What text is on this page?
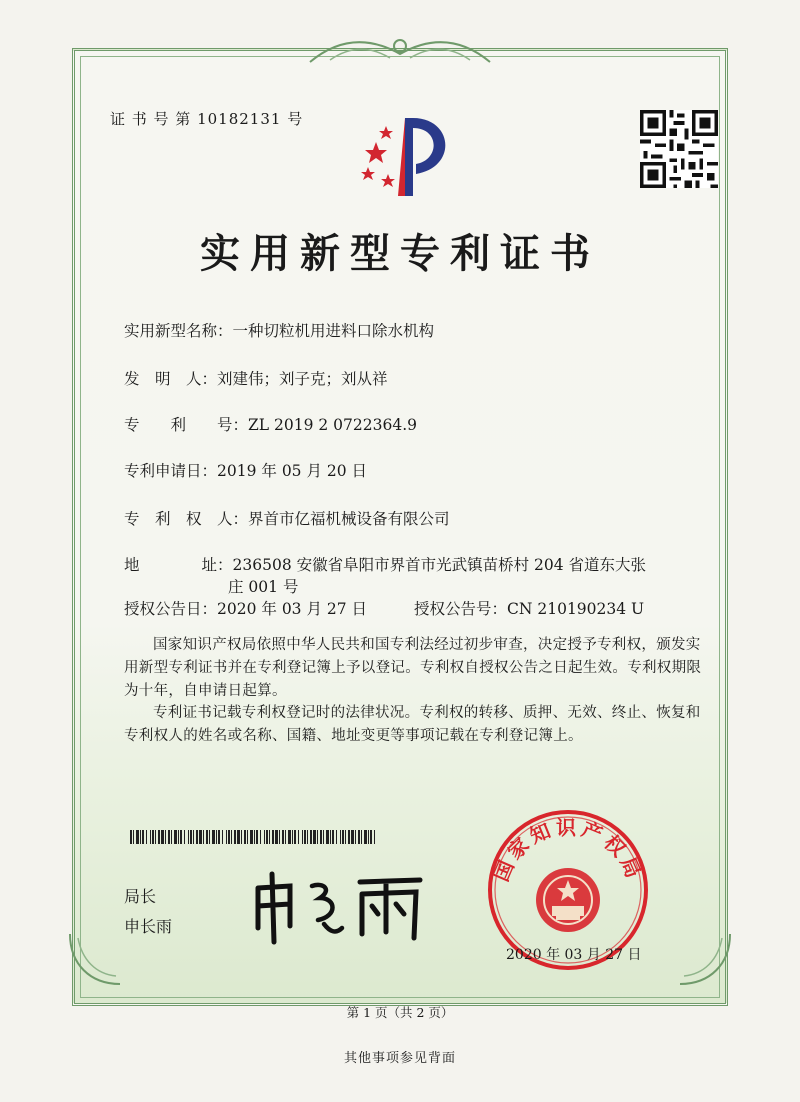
证 书 号 第 10182131 号
实用新型专利证书
实用新型名称：一种切粒机用进料口除水机构
发　明　人：刘建伟；刘子克；刘从祥
专　　利　　号：ZL 2019 2 0722364.9
专利申请日：2019 年 05 月 20 日
专　利　权　人：界首市亿福机械设备有限公司
地　　　　址：236508 安徽省阜阳市界首市光武镇苗桥村 204 省道东大张
庄 001 号
授权公告日：2020 年 03 月 27 日	授权公告号：CN 210190234 U
国家知识产权局依照中华人民共和国专利法经过初步审查，决定授予专利权，颁发实用新型专利证书并在专利登记簿上予以登记。专利权自授权公告之日起生效。专利权期限为十年，自申请日起算。
专利证书记载专利权登记时的法律状况。专利权的转移、质押、无效、终止、恢复和专利权人的姓名或名称、国籍、地址变更等事项记载在专利登记簿上。
局长
申长雨
国家知识产权局
2020 年 03 月 27 日
第 1 页（共 2 页）
其他事项参见背面
